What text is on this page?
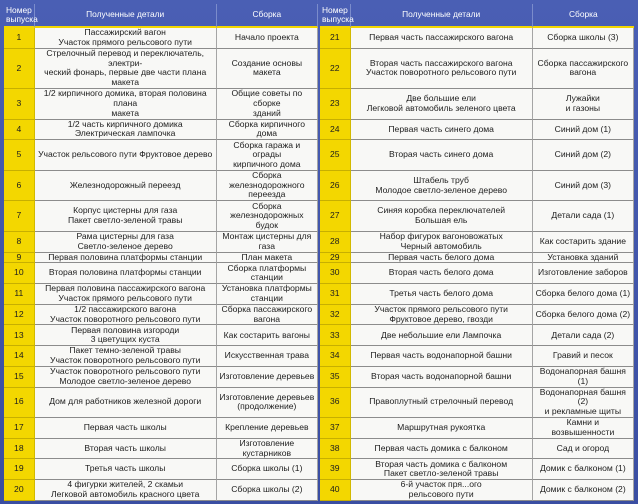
Номер
выпуска	Полученные детали	Сборка		Номер
выпуска	Полученные детали	Сборка
1	Пассажирский вагон
Участок прямого рельсового пути	Начало проекта		21	Первая часть пассажирского вагона	Сборка школы (3)
2	Стрелочный перевод и переключатель, электри-
ческий фонарь, первые две части плана макета	Создание основы макета		22	Вторая часть пассажирского вагона
Участок поворотного рельсового пути	Сборка пассажирского вагона
3	1/2 кирпичного домика, вторая половина плана
макета	Общие советы по сборке
зданий		23	Две большие ели
Легковой автомобиль зеленого цвета	Лужайки
и газоны
4	1/2 часть кирпичного домика
Электрическая лампочка	Сборка кирпичного
дома		24	Первая часть синего дома	Синий дом (1)
5	Участок рельсового пути Фруктовое дерево	Сборка гаража и ограды
кирпичного дома		25	Вторая часть синего дома	Синий дом (2)
6	Железнодорожный переезд	Сборка железнодорожного
переезда		26	Штабель труб
Молодое светло-зеленое дерево	Синий дом (3)
7	Корпус цистерны для газа
Пакет светло-зеленой травы	Сборка железнодорожных будок		27	Синяя коробка переключателей
Большая ель	Детали сада (1)
8	Рама цистерны для газа
Светло-зеленое дерево	Монтаж цистерны для газа		28	Набор фигурок вагоновожатых
Черный автомобиль	Как состарить здание
9	Первая половина платформы станции	План макета		29	Первая часть белого дома	Установка зданий
10	Вторая половина платформы станции	Сборка платформы станции		30	Вторая часть белого дома	Изготовление заборов
11	Первая половина пассажирского вагона
Участок прямого рельсового пути	Установка платформы станции		31	Третья часть белого дома	Сборка белого дома (1)
12	1/2 пассажирского вагона
Участок поворотного рельсового пути	Сборка пассажирского вагона		32	Участок прямого рельсового пути
Фруктовое дерево, гвозди	Сборка белого дома (2)
13	Первая половина изгороди
3 цветущих куста	Как состарить вагоны		33	Две небольшие ели Лампочка	Детали сада (2)
14	Пакет темно-зеленой травы
Участок поворотного рельсового пути	Искусственная трава		34	Первая часть водонапорной башни	Гравий и песок
15	Участок поворотного рельсового пути
Молодое светло-зеленое дерево	Изготовление деревьев		35	Вторая часть водонапорной башни	Водонапорная башня (1)
16	Дом для работников железной дороги	Изготовление деревьев
(продолжение)		36	Правоплутный стрелочный перевод	Водонапорная башня (2)
и рекламные щиты
17	Первая часть школы	Крепление деревьев		37	Маршрутная рукоятка	Камни и возвышенности
18	Вторая часть школы	Изготовление кустарников		38	Первая часть домика с балконом	Сад и огород
19	Третья часть школы	Сборка школы (1)		39	Вторая часть домика с балконом
Пакет светло-зеленой травы	Домик с балконом (1)
20	4 фигурки жителей, 2 скамьи
Легковой автомобиль красного цвета	Сборка школы (2)		40	6-й участок пря...ого
рельсового пути	Домик с балконом (2)
